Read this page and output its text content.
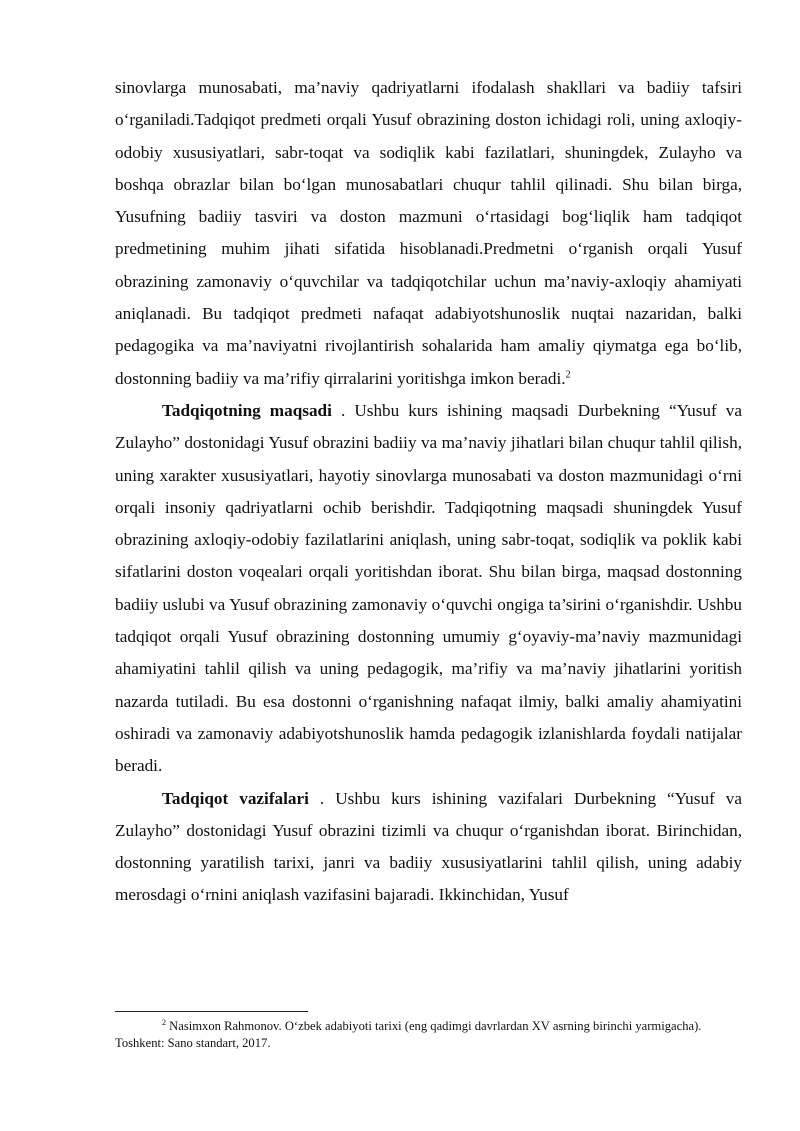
sinovlarga munosabati, ma’naviy qadriyatlarni ifodalash shakllari va badiiy tafsiri o‘rganiladi.Tadqiqot predmeti orqali Yusuf obrazining doston ichidagi roli, uning axloqiy-odobiy xususiyatlari, sabr-toqat va sodiqlik kabi fazilatlari, shuningdek, Zulayho va boshqa obrazlar bilan bo‘lgan munosabatlari chuqur tahlil qilinadi. Shu bilan birga, Yusufning badiiy tasviri va doston mazmuni o‘rtasidagi bog‘liqlik ham tadqiqot predmetining muhim jihati sifatida hisoblanadi.Predmetni o‘rganish orqali Yusuf obrazining zamonaviy o‘quvchilar va tadqiqotchilar uchun ma’naviy-axloqiy ahamiyati aniqlanadi. Bu tadqiqot predmeti nafaqat adabiyotshunoslik nuqtai nazaridan, balki pedagogika va ma’naviyatni rivojlantirish sohalarida ham amaliy qiymatga ega bo‘lib, dostonning badiiy va ma’rifiy qirralarini yoritishga imkon beradi.$^2$

Tadqiqotning maqsadi . Ushbu kurs ishining maqsadi Durbekning “Yusuf va Zulayho” dostonidagi Yusuf obrazini badiiy va ma’naviy jihatlari bilan chuqur tahlil qilish, uning xarakter xususiyatlari, hayotiy sinovlarga munosabati va doston mazmunidagi o‘rni orqali insoniy qadriyatlarni ochib berishdir. Tadqiqotning maqsadi shuningdek Yusuf obrazining axloqiy-odobiy fazilatlarini aniqlash, uning sabr-toqat, sodiqlik va poklik kabi sifatlarini doston voqealari orqali yoritishdan iborat. Shu bilan birga, maqsad dostonning badiiy uslubi va Yusuf obrazining zamonaviy o‘quvchi ongiga ta’sirini o‘rganishdir. Ushbu tadqiqot orqali Yusuf obrazining dostonning umumiy g‘oyaviy-ma’naviy mazmunidagi ahamiyatini tahlil qilish va uning pedagogik, ma’rifiy va ma’naviy jihatlarini yoritish nazarda tutiladi. Bu esa dostonni o‘rganishning nafaqat ilmiy, balki amaliy ahamiyatini oshiradi va zamonaviy adabiyotshunoslik hamda pedagogik izlanishlarda foydali natijalar beradi.

Tadqiqot vazifalari . Ushbu kurs ishining vazifalari Durbekning “Yusuf va Zulayho” dostonidagi Yusuf obrazini tizimli va chuqur o‘rganishdan iborat. Birinchidan, dostonning yaratilish tarixi, janri va badiiy xususiyatlarini tahlil qilish, uning adabiy merosdagi o‘rnini aniqlash vazifasini bajaradi. Ikkinchidan, Yusuf

$^2$ Nasimxon Rahmonov. O‘zbek adabiyoti tarixi (eng qadimgi davrlardan XV asrning birinchi yarmigacha).
Toshkent: Sano standart, 2017.
